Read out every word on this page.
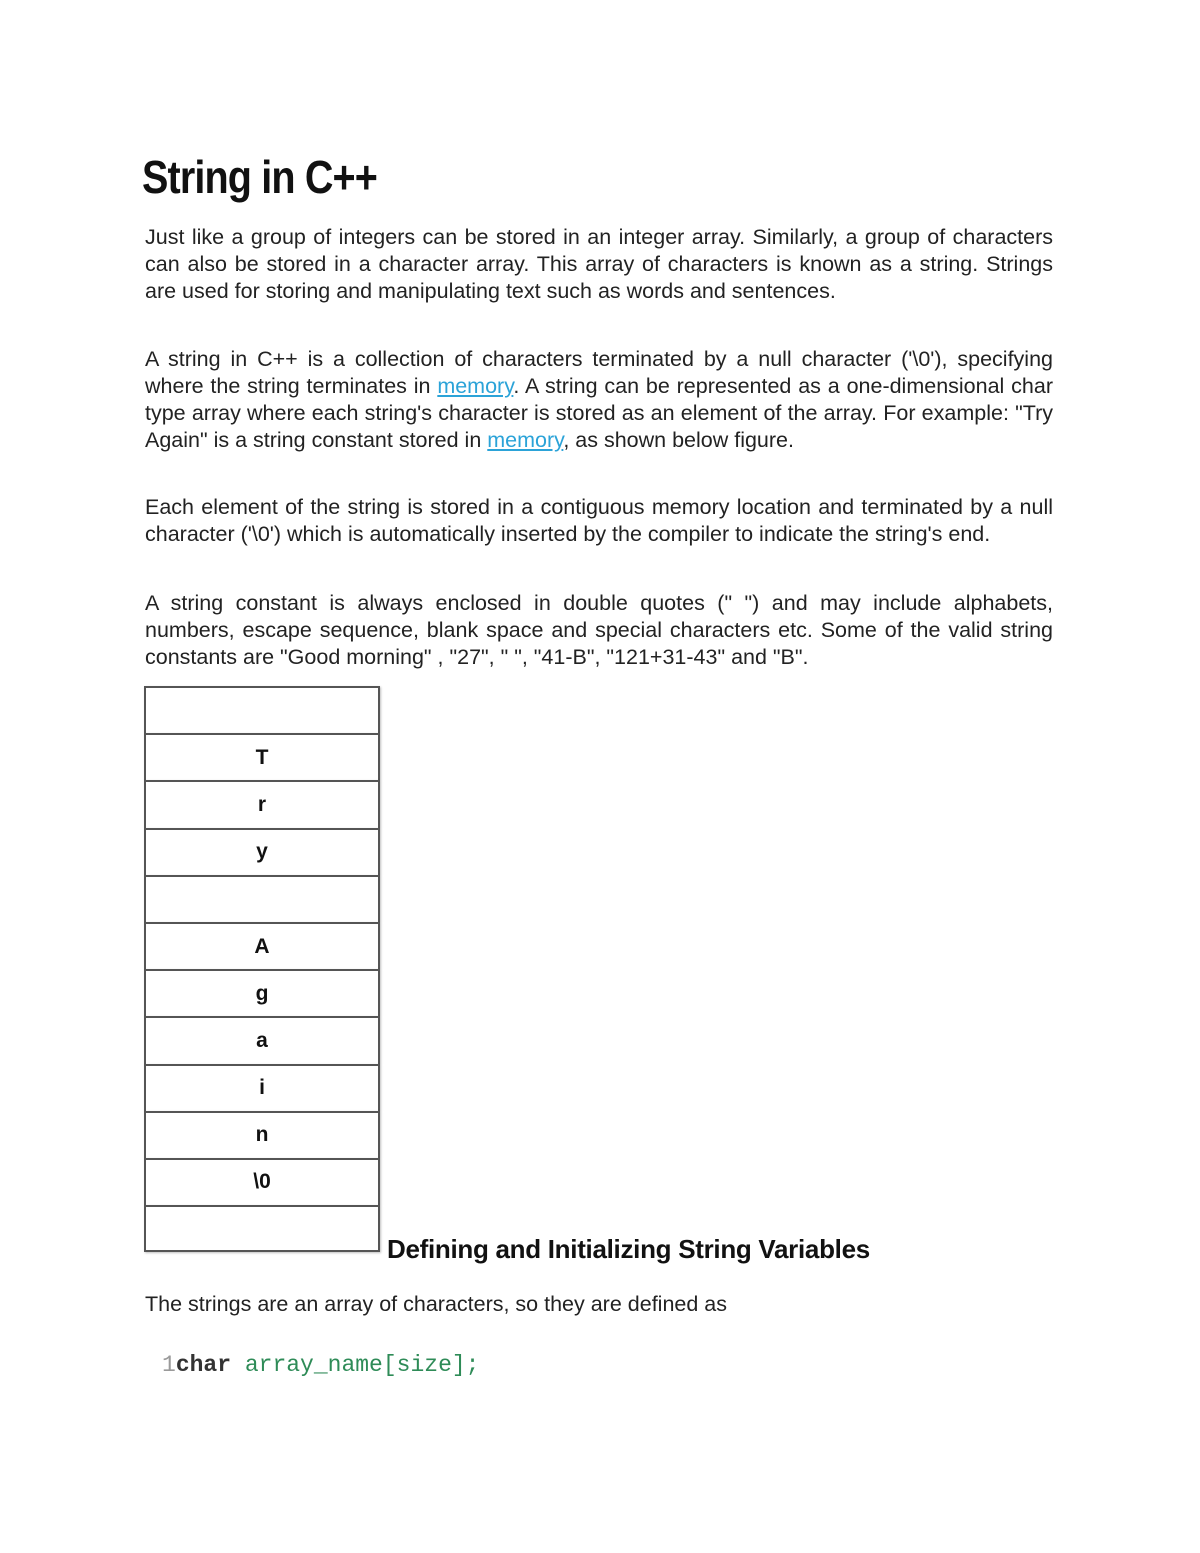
String in C++

Just like a group of integers can be stored in an integer array. Similarly, a group of characters can also be stored in a character array. This array of characters is known as a string. Strings are used for storing and manipulating text such as words and sentences.

A string in C++ is a collection of characters terminated by a null character ('\0'), specifying where the string terminates in memory. A string can be represented as a one-dimensional char type array where each string's character is stored as an element of the array. For example: "Try Again" is a string constant stored in memory, as shown below figure.

Each element of the string is stored in a contiguous memory location and terminated by a null character ('\0') which is automatically inserted by the compiler to indicate the string's end.

A string constant is always enclosed in double quotes (" ") and may include alphabets, numbers, escape sequence, blank space and special characters etc. Some of the valid string constants are "Good morning" , "27", " ", "41-B", "121+31-43" and "B".

T
r
y
A
g
a
i
n
\0
Defining and Initializing String Variables

The strings are an array of characters, so they are defined as

1char array_name[size];
